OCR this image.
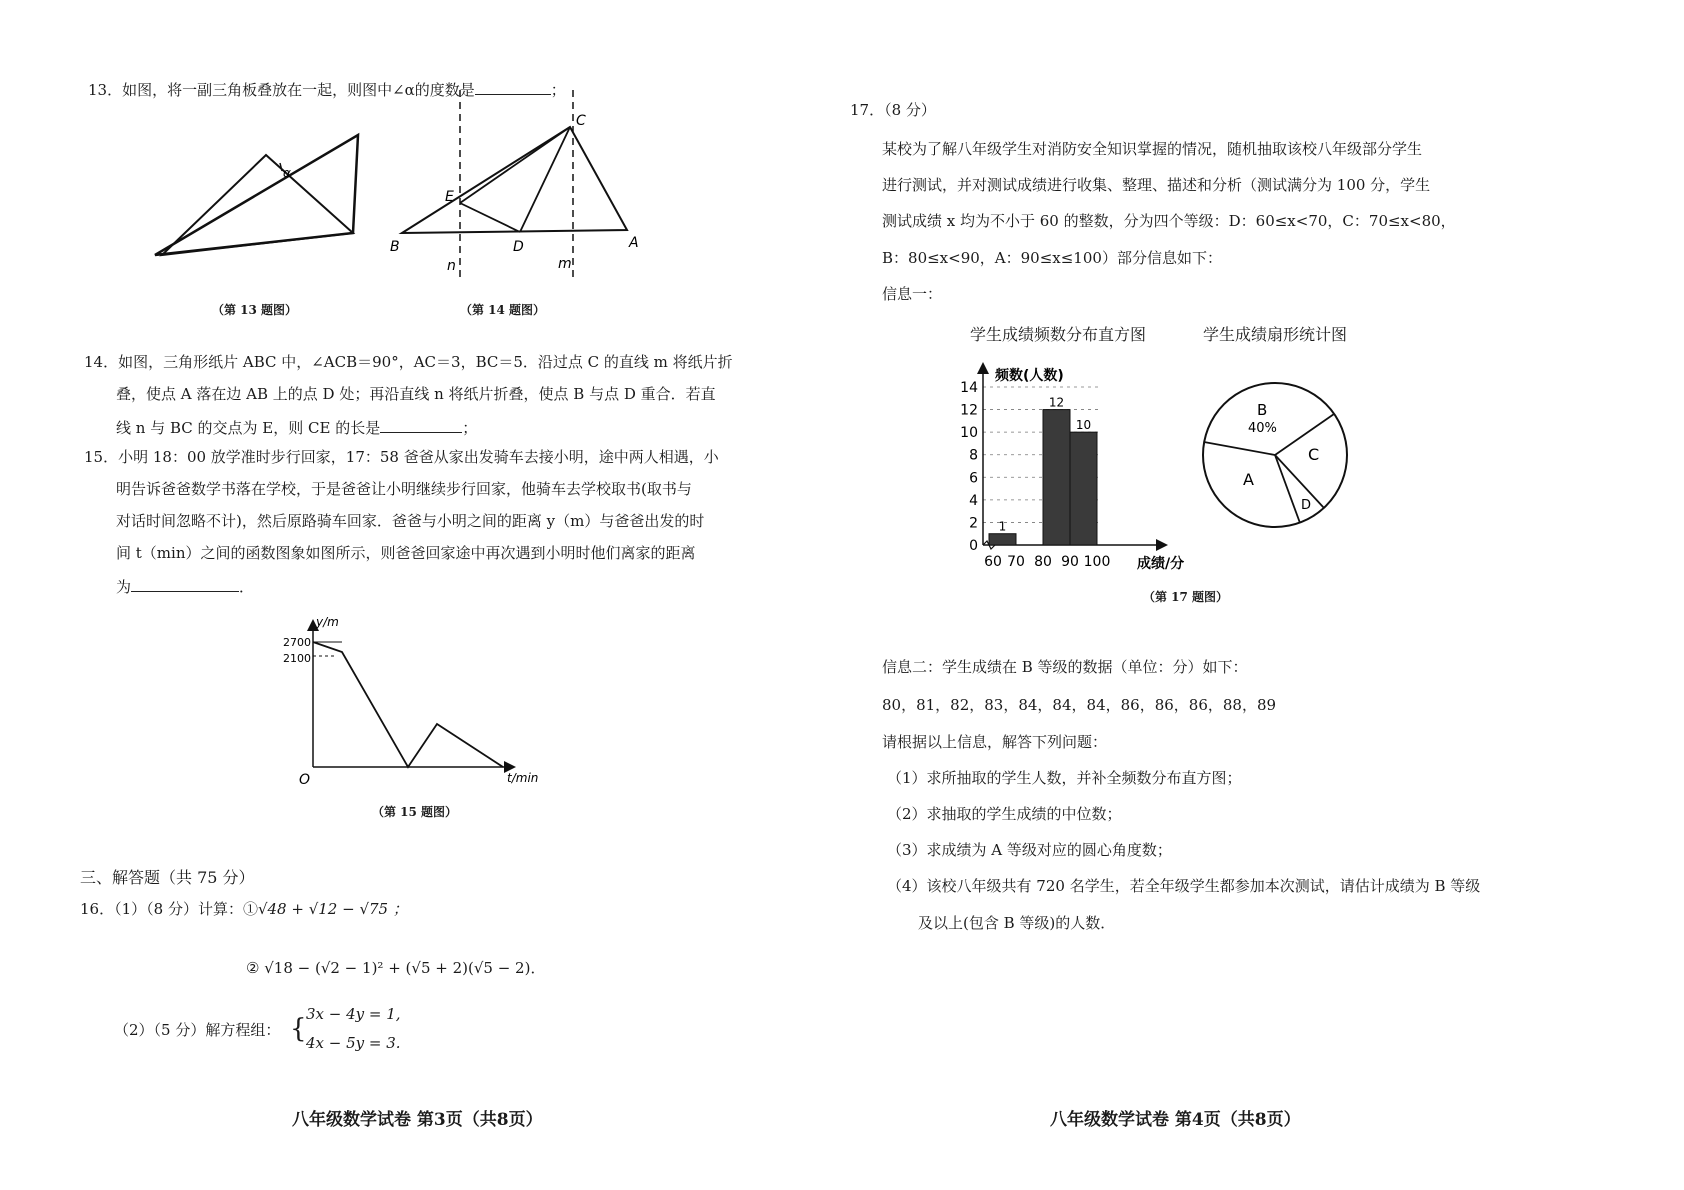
13．如图，将一副三角板叠放在一起，则图中∠α的度数是	；
α
（第 13 题图）
C
E
B	D	A
n	m
（第 14 题图）
14．如图，三角形纸片 ABC 中，∠ACB＝90°，AC＝3，BC＝5．沿过点 C 的直线 m 将纸片折
叠，使点 A 落在边 AB 上的点 D 处；再沿直线 n 将纸片折叠，使点 B 与点 D 重合．若直
线 n 与 BC 的交点为 E，则 CE 的长是	；
15．小明 18：00 放学准时步行回家，17：58 爸爸从家出发骑车去接小明，途中两人相遇，小
明告诉爸爸数学书落在学校，于是爸爸让小明继续步行回家，他骑车去学校取书(取书与
对话时间忽略不计)，然后原路骑车回家．爸爸与小明之间的距离 y（m）与爸爸出发的时
间 t（min）之间的函数图象如图所示，则爸爸回家途中再次遇到小明时他们离家的距离
为	．
y/m
2700
2100
O	t/min
（第 15 题图）
三、解答题（共 75 分）
16．（1）（8 分）计算：①√48 + √12 − √75 ；
② √18 − (√2 − 1)² + (√5 + 2)(√5 − 2)．
（2）（5 分）解方程组： { 3x − 4y = 1,
4x − 5y = 3.
八年级数学试卷 第3页（共8页）
17．（8 分）
某校为了解八年级学生对消防安全知识掌握的情况，随机抽取该校八年级部分学生
进行测试，并对测试成绩进行收集、整理、描述和分析（测试满分为 100 分，学生
测试成绩 x 均为不小于 60 的整数，分为四个等级：D：60≤x<70，C：70≤x<80，
B：80≤x<90，A：90≤x≤100）部分信息如下：
信息一：
学生成绩频数分布直方图	学生成绩扇形统计图
1
12
10
0
2
4
6
8
10
12
14
60 70 80 90 100
频数(人数)
成绩/分
B
40%
C
A
D
（第 17 题图）
信息二：学生成绩在 B 等级的数据（单位：分）如下：
80，81，82，83，84，84，84，86，86，86，88，89
请根据以上信息，解答下列问题：
（1）求所抽取的学生人数，并补全频数分布直方图；
（2）求抽取的学生成绩的中位数；
（3）求成绩为 A 等级对应的圆心角度数；
（4）该校八年级共有 720 名学生，若全年级学生都参加本次测试，请估计成绩为 B 等级
及以上(包含 B 等级)的人数．
八年级数学试卷 第4页（共8页）
